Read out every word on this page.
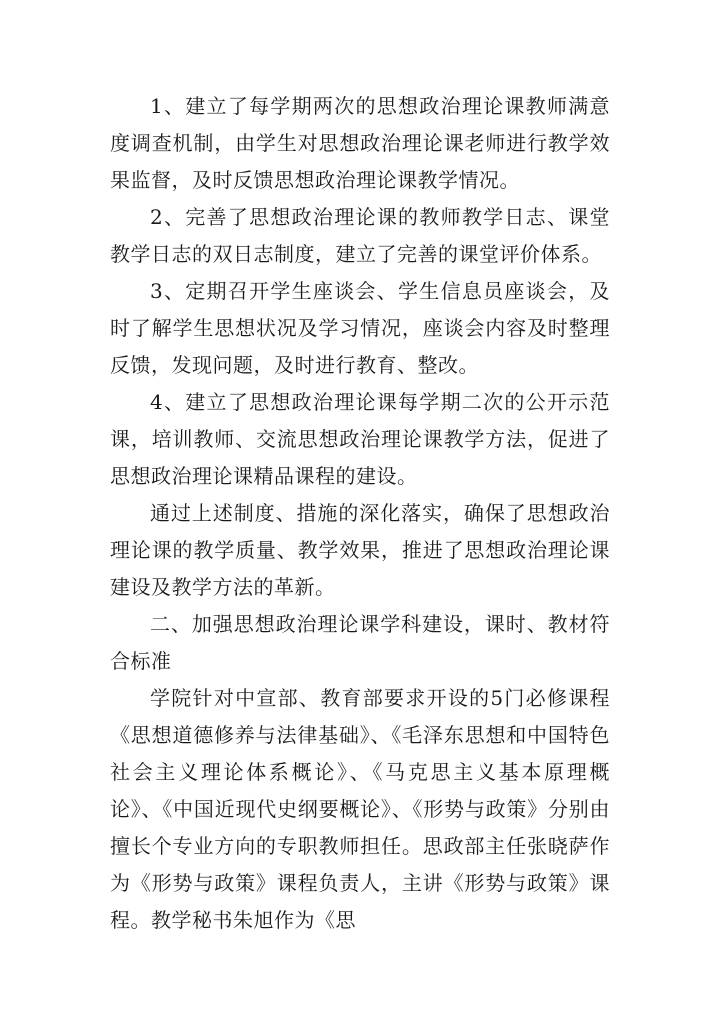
1、建立了每学期两次的思想政治理论课教师满意度调查机制，由学生对思想政治理论课老师进行教学效果监督，及时反馈思想政治理论课教学情况。

2、完善了思想政治理论课的教师教学日志、课堂教学日志的双日志制度，建立了完善的课堂评价体系。

3、定期召开学生座谈会、学生信息员座谈会，及时了解学生思想状况及学习情况，座谈会内容及时整理反馈，发现问题，及时进行教育、整改。

4、建立了思想政治理论课每学期二次的公开示范课，培训教师、交流思想政治理论课教学方法，促进了思想政治理论课精品课程的建设。

通过上述制度、措施的深化落实，确保了思想政治理论课的教学质量、教学效果，推进了思想政治理论课建设及教学方法的革新。

二、加强思想政治理论课学科建设，课时、教材符合标准

学院针对中宣部、教育部要求开设的5门必修课程《思想道德修养与法律基础》、《毛泽东思想和中国特色社会主义理论体系概论》、《马克思主义基本原理概论》、《中国近现代史纲要概论》、《形势与政策》分别由擅长个专业方向的专职教师担任。思政部主任张晓萨作为《形势与政策》课程负责人，主讲《形势与政策》课程。教学秘书朱旭作为《思
